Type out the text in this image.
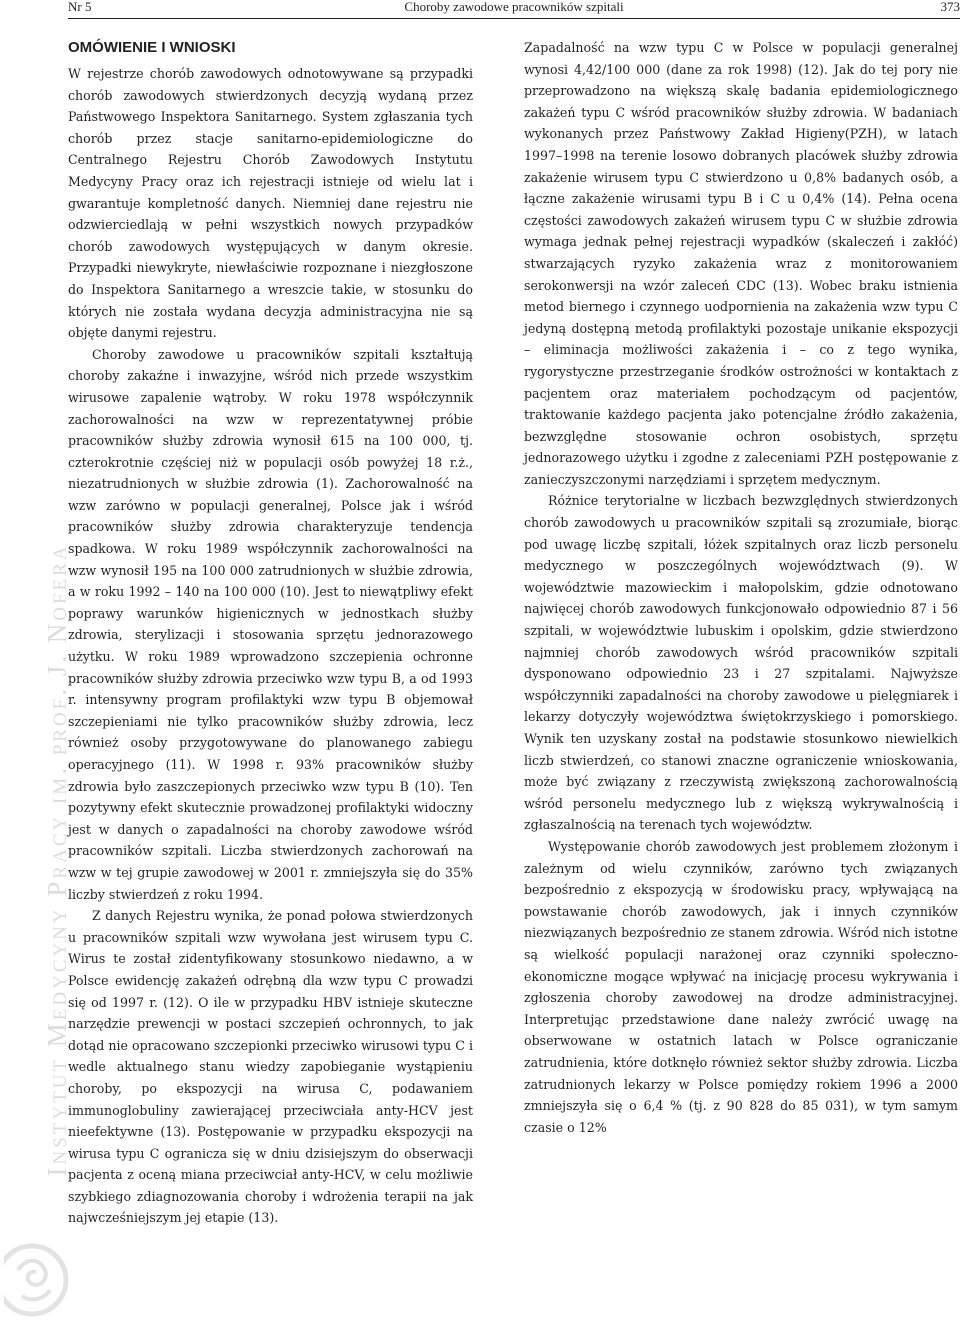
Nr 5	Choroby zawodowe pracowników szpitali	373
Instytut Medycyny Pracy im. prof. J. Nofera
OMÓWIENIE I WNIOSKI

W rejestrze chorób zawodowych odnotowywane są przypadki chorób zawodowych stwierdzonych decyzją wydaną przez Państwowego Inspektora Sanitarnego. System zgłaszania tych chorób przez stacje sanitarno-epidemiologiczne do Centralnego Rejestru Chorób Zawodowych Instytutu Medycyny Pracy oraz ich rejestracji istnieje od wielu lat i gwarantuje kompletność danych. Niemniej dane rejestru nie odzwierciedlają w pełni wszystkich nowych przypadków chorób zawodowych występujących w danym okresie. Przypadki niewykryte, niewłaściwie rozpoznane i niezgłoszone do Inspektora Sanitarnego a wreszcie takie, w stosunku do których nie została wydana decyzja administracyjna nie są objęte danymi rejestru.

Choroby zawodowe u pracowników szpitali kształtują choroby zakaźne i inwazyjne, wśród nich przede wszystkim wirusowe zapalenie wątroby. W roku 1978 współczynnik zachorowalności na wzw w reprezentatywnej próbie pracowników służby zdrowia wynosił 615 na 100 000, tj. czterokrotnie częściej niż w populacji osób powyżej 18 r.ż., niezatrudnionych w służbie zdrowia (1). Zachorowalność na wzw zarówno w populacji generalnej, Polsce jak i wśród pracowników służby zdrowia charakteryzuje tendencja spadkowa. W roku 1989 współczynnik zachorowalności na wzw wynosił 195 na 100 000 zatrudnionych w służbie zdrowia, a w roku 1992 – 140 na 100 000 (10). Jest to niewątpliwy efekt poprawy warunków higienicznych w jednostkach służby zdrowia, sterylizacji i stosowania sprzętu jednorazowego użytku. W roku 1989 wprowadzono szczepienia ochronne pracowników służby zdrowia przeciwko wzw typu B, a od 1993 r. intensywny program profilaktyki wzw typu B objemował szczepieniami nie tylko pracowników służby zdrowia, lecz również osoby przygotowywane do planowanego zabiegu operacyjnego (11). W 1998 r. 93% pracowników służby zdrowia było zaszczepionych przeciwko wzw typu B (10). Ten pozytywny efekt skutecznie prowadzonej profilaktyki widoczny jest w danych o zapadalności na choroby zawodowe wśród pracowników szpitali. Liczba stwierdzonych zachorowań na wzw w tej grupie zawodowej w 2001 r. zmniejszyła się do 35% liczby stwierdzeń z roku 1994.

Z danych Rejestru wynika, że ponad połowa stwierdzonych u pracowników szpitali wzw wywołana jest wirusem typu C. Wirus te został zidentyfikowany stosunkowo niedawno, a w Polsce ewidencję zakażeń odrębną dla wzw typu C prowadzi się od 1997 r. (12). O ile w przypadku HBV istnieje skuteczne narzędzie prewencji w postaci szczepień ochronnych, to jak dotąd nie opracowano szczepionki przeciwko wirusowi typu C i wedle aktualnego stanu wiedzy zapobieganie wystąpieniu choroby, po ekspozycji na wirusa C, podawaniem immunoglobuliny zawierającej przeciwciała anty-HCV jest nieefektywne (13). Postępowanie w przypadku ekspozycji na wirusa typu C ogranicza się w dniu dzisiejszym do obserwacji pacjenta z oceną miana przeciwciał anty-HCV, w celu możliwie szybkiego zdiagnozowania choroby i wdrożenia terapii na jak najwcześniejszym jej etapie (13).

Zapadalność na wzw typu C w Polsce w populacji generalnej wynosi 4,42/100 000 (dane za rok 1998) (12). Jak do tej pory nie przeprowadzono na większą skalę badania epidemiologicznego zakażeń typu C wśród pracowników służby zdrowia. W badaniach wykonanych przez Państwowy Zakład Higieny(PZH), w latach 1997–1998 na terenie losowo dobranych placówek służby zdrowia zakażenie wirusem typu C stwierdzono u 0,8% badanych osób, a łączne zakażenie wirusami typu B i C u 0,4% (14). Pełna ocena częstości zawodowych zakażeń wirusem typu C w służbie zdrowia wymaga jednak pełnej rejestracji wypadków (skaleczeń i zakłóć) stwarzających ryzyko zakażenia wraz z monitorowaniem serokonwersji na wzór zaleceń CDC (13). Wobec braku istnienia metod biernego i czynnego uodpornienia na zakażenia wzw typu C jedyną dostępną metodą profilaktyki pozostaje unikanie ekspozycji – eliminacja możliwości zakażenia i – co z tego wynika, rygorystyczne przestrzeganie środków ostrożności w kontaktach z pacjentem oraz materiałem pochodzącym od pacjentów, traktowanie każdego pacjenta jako potencjalne źródło zakażenia, bezwzględne stosowanie ochron osobistych, sprzętu jednorazowego użytku i zgodne z zaleceniami PZH postępowanie z zanieczyszczonymi narzędziami i sprzętem medycznym.

Różnice terytorialne w liczbach bezwzględnych stwierdzonych chorób zawodowych u pracowników szpitali są zrozumiałe, biorąc pod uwagę liczbę szpitali, łóżek szpitalnych oraz liczb personelu medycznego w poszczególnych województwach (9). W województwie mazowieckim i małopolskim, gdzie odnotowano najwięcej chorób zawodowych funkcjonowało odpowiednio 87 i 56 szpitali, w województwie lubuskim i opolskim, gdzie stwierdzono najmniej chorób zawodowych wśród pracowników szpitali dysponowano odpowiednio 23 i 27 szpitalami. Najwyższe współczynniki zapadalności na choroby zawodowe u pielęgniarek i lekarzy dotyczyły województwa świętokrzyskiego i pomorskiego. Wynik ten uzyskany został na podstawie stosunkowo niewielkich liczb stwierdzeń, co stanowi znaczne ograniczenie wnioskowania, może być związany z rzeczywistą zwiększoną zachorowalnością wśród personelu medycznego lub z większą wykrywalnością i zgłaszalnością na terenach tych województw.

Występowanie chorób zawodowych jest problemem złożonym i zależnym od wielu czynników, zarówno tych związanych bezpośrednio z ekspozycją w środowisku pracy, wpływającą na powstawanie chorób zawodowych, jak i innych czynników niezwiązanych bezpośrednio ze stanem zdrowia. Wśród nich istotne są wielkość populacji narażonej oraz czynniki społeczno-ekonomiczne mogące wpływać na inicjację procesu wykrywania i zgłoszenia choroby zawodowej na drodze administracyjnej. Interpretując przedstawione dane należy zwrócić uwagę na obserwowane w ostatnich latach w Polsce ograniczanie zatrudnienia, które dotknęło również sektor służby zdrowia. Liczba zatrudnionych lekarzy w Polsce pomiędzy rokiem 1996 a 2000 zmniejszyła się o 6,4 % (tj. z 90 828 do 85 031), w tym samym czasie o 12%
